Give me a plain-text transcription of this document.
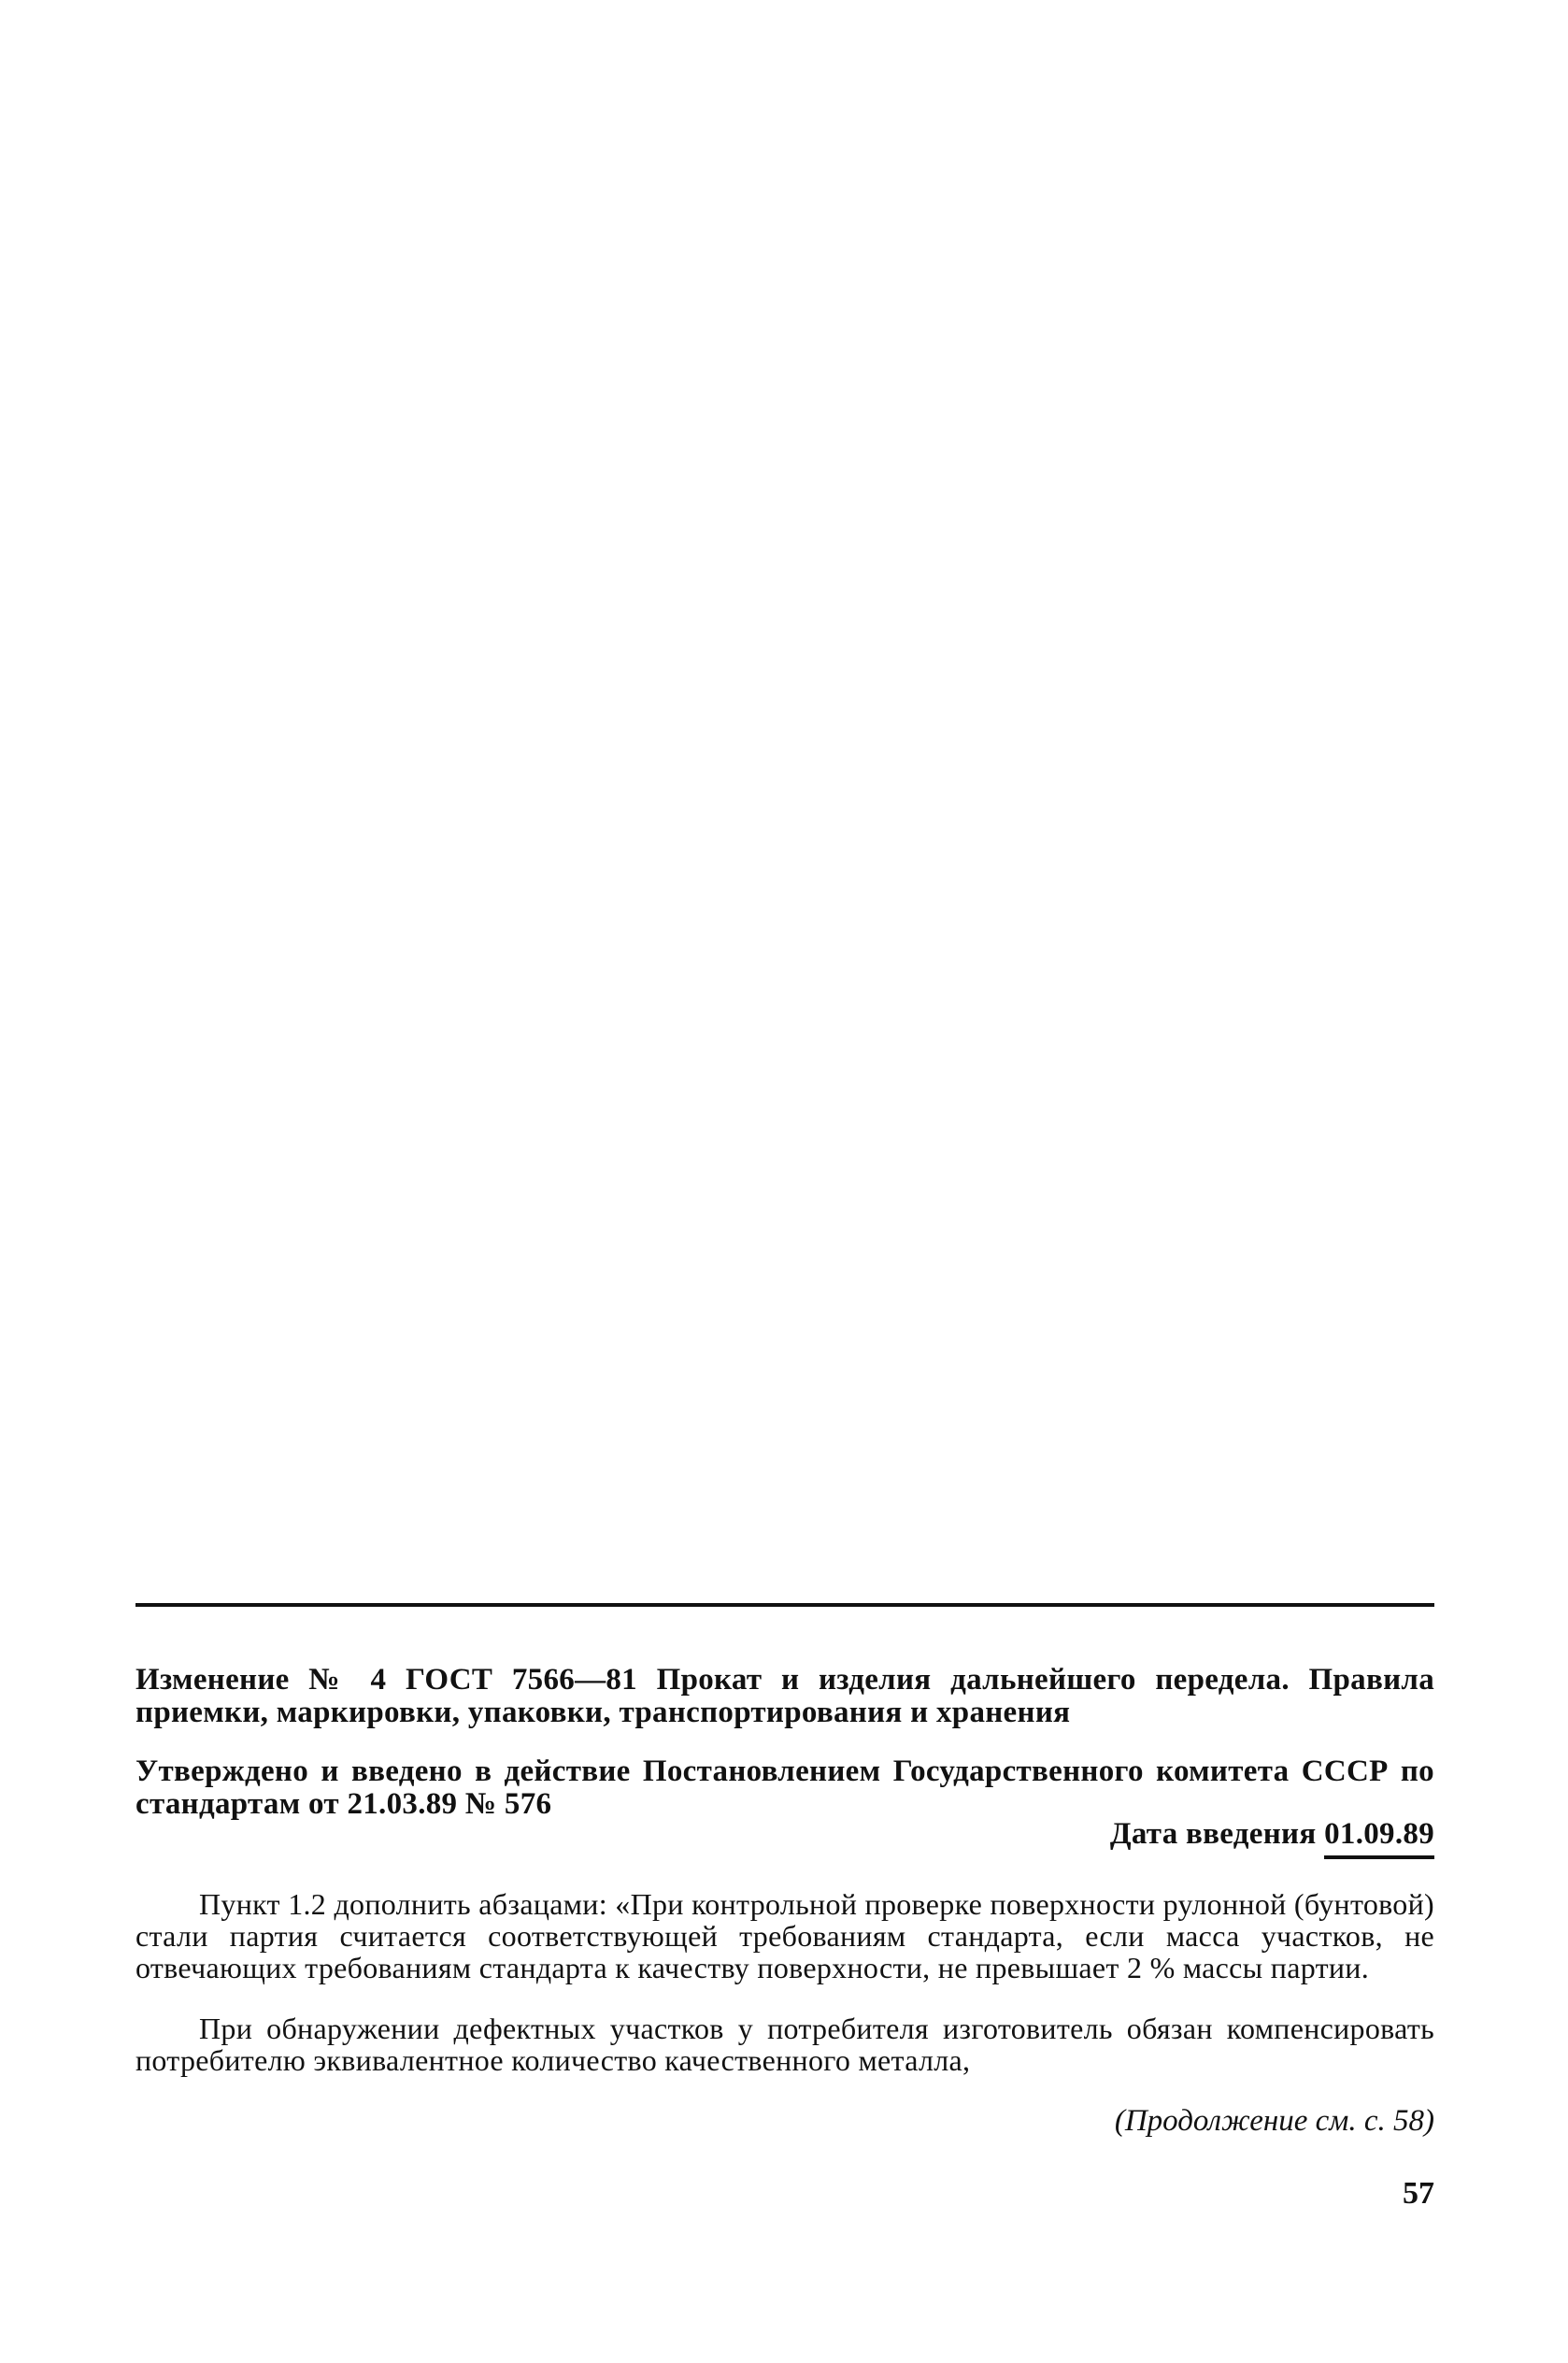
Изменение № 4 ГОСТ 7566—81 Прокат и изделия дальнейшего передела. Правила приемки, маркировки, упаковки, транспортирования и хранения
Утверждено и введено в действие Постановлением Государственного комитета СССР по стандартам от 21.03.89 № 576
Дата введения 01.09.89
Пункт 1.2 дополнить абзацами: «При контрольной проверке поверхности рулонной (бунтовой) стали партия считается соответствующей требованиям стандарта, если масса участков, не отвечающих требованиям стандарта к качеству поверхности, не превышает 2 % массы партии.
При обнаружении дефектных участков у потребителя изготовитель обязан компенсировать потребителю эквивалентное количество качественного металла,
(Продолжение см. с. 58)
57
